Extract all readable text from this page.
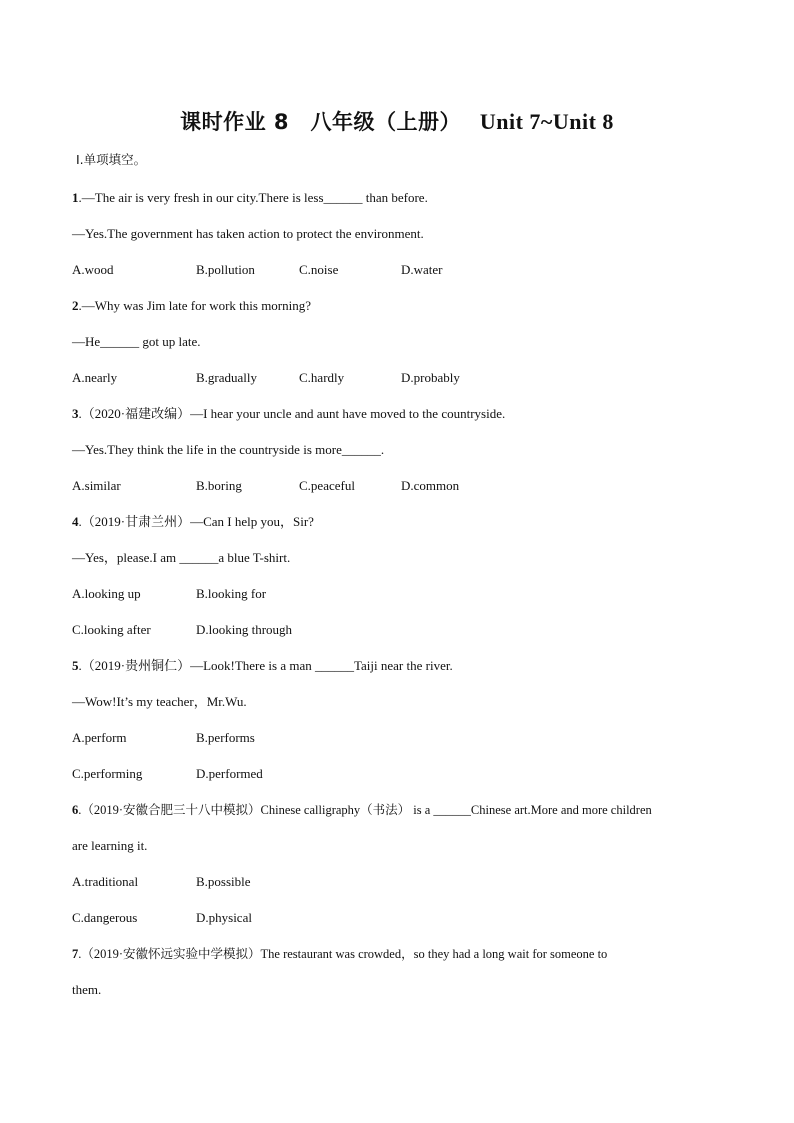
课时作业 8　八年级（上册）　 Unit 7~Unit 8
Ⅰ.单项填空。
1.—The air is very fresh in our city.There is less______ than before.
—Yes.The government has taken action to protect the environment.
A.wood	B.pollution	C.noise	D.water
2.—Why was Jim late for work this morning?
—He______ got up late.
A.nearly	B.gradually	C.hardly	D.probably
3.（2020·福建改编）—I hear your uncle and aunt have moved to the countryside.
—Yes.They think the life in the countryside is more______.
A.similar	B.boring	C.peaceful	D.common
4.（2019·甘肃兰州）—Can I help you，Sir?
—Yes，please.I am ______a blue T-shirt.
A.looking up	B.looking for
C.looking after	D.looking through
5.（2019·贵州铜仁）—Look!There is a man ______Taiji near the river.
—Wow!It’s my teacher，Mr.Wu.
A.perform	B.performs
C.performing	D.performed
6.（2019·安徽合肥三十八中模拟）Chinese calligraphy（书法） is a ______Chinese art.More and more children
are learning it.
A.traditional	B.possible
C.dangerous	D.physical
7.（2019·安徽怀远实验中学模拟）The restaurant was crowded，so they had a long wait for someone to
them.
